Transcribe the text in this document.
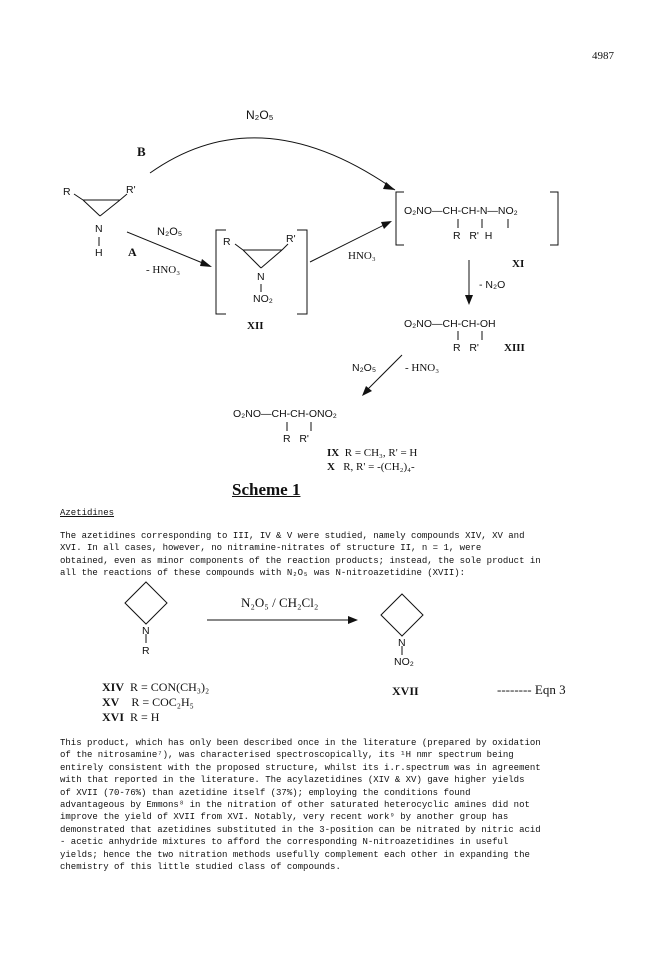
4987
N₂O₅
B
R	R'
N
H A
N₂O₅
- HNO₃
R	R'
N
NO₂
XII
HNO₃
O₂NO—CH-CH-N—NO₂
R   R'  H
XI
- N₂O
O₂NO—CH-CH-OH
R   R' XIII
N₂O₅	- HNO₃
O₂NO—CH-CH-ONO₂
R   R'
IX R = CH₃, R' = H
X R, R' = -(CH₂)₄-
Scheme 1
Azetidines
The azetidines corresponding to III, IV & V were studied, namely compounds XIV, XV and
XVI. In all cases, however, no nitramine-nitrates of structure II, n = 1, were
obtained, even as minor components of the reaction products; instead, the sole product in
all the reactions of these compounds with N₂O₅ was N-nitroazetidine (XVII):
N₂O₅ / CH₂Cl₂
N
R
N
NO₂
XIV R = CON(CH₃)₂
XV R = COC₂H₅
XVI R = H
XVII	-------- Eqn 3
This product, which has only been described once in the literature (prepared by oxidation
of the nitrosamine⁷), was characterised spectroscopically, its ¹H nmr spectrum being
entirely consistent with the proposed structure, whilst its i.r.spectrum was in agreement
with that reported in the literature. The acylazetidines (XIV & XV) gave higher yields
of XVII (70-76%) than azetidine itself (37%); employing the conditions found
advantageous by Emmons⁸ in the nitration of other saturated heterocyclic amines did not
improve the yield of XVII from XVI. Notably, very recent work⁹ by another group has
demonstrated that azetidines substituted in the 3-position can be nitrated by nitric acid
- acetic anhydride mixtures to afford the corresponding N-nitroazetidines in useful
yields; hence the two nitration methods usefully complement each other in expanding the
chemistry of this little studied class of compounds.
